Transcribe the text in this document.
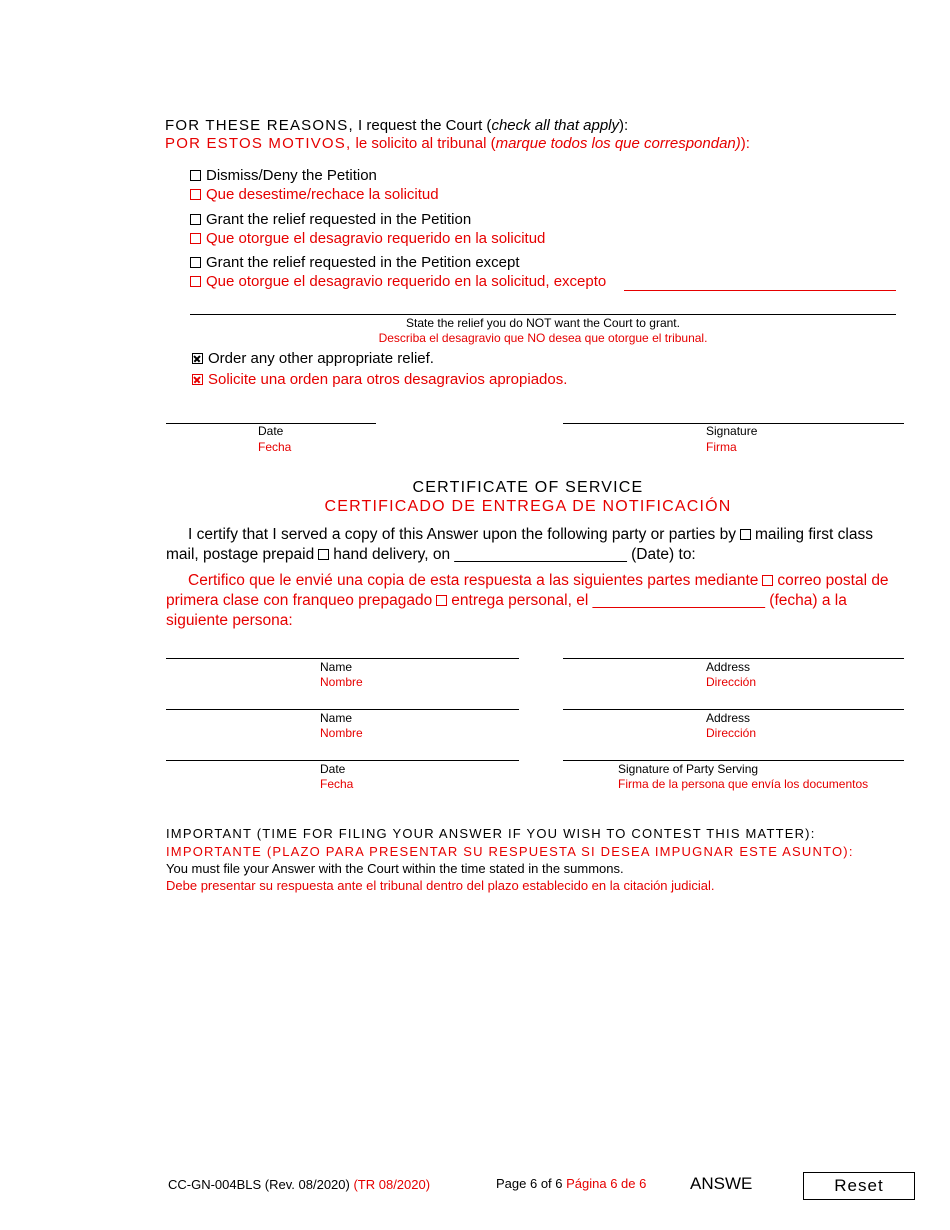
FOR THESE REASONS, I request the Court (check all that apply):
POR ESTOS MOTIVOS, le solicito al tribunal (marque todos los que correspondan)):
Dismiss/Deny the Petition
Que desestime/rechace la solicitud
Grant the relief requested in the Petition
Que otorgue el desagravio requerido en la solicitud
Grant the relief requested in the Petition except
Que otorgue el desagravio requerido en la solicitud, excepto
State the relief you do NOT want the Court to grant.
Describa el desagravio que NO desea que otorgue el tribunal.
Order any other appropriate relief.
Solicite una orden para otros desagravios apropiados.
Date
Fecha
Signature
Firma
CERTIFICATE OF SERVICE
CERTIFICADO DE ENTREGA DE NOTIFICACIÓN
I certify that I served a copy of this Answer upon the following party or parties by mailing first class mail, postage prepaid hand delivery, on ____________________ (Date) to:
Certifico que le envié una copia de esta respuesta a las siguientes partes mediante correo postal de primera clase con franqueo prepagado entrega personal, el ____________________ (fecha) a la siguiente persona:
Name
Nombre
Address
Dirección
Name
Nombre
Address
Dirección
Date
Fecha
Signature of Party Serving
Firma de la persona que envía los documentos
IMPORTANT (TIME FOR FILING YOUR ANSWER IF YOU WISH TO CONTEST THIS MATTER):
IMPORTANTE (PLAZO PARA PRESENTAR SU RESPUESTA SI DESEA IMPUGNAR ESTE ASUNTO):
You must file your Answer with the Court within the time stated in the summons.
Debe presentar su respuesta ante el tribunal dentro del plazo establecido en la citación judicial.
CC-GN-004BLS (Rev. 08/2020) (TR 08/2020)	Page 6 of 6 Página 6 de 6	ANSWE	Reset
